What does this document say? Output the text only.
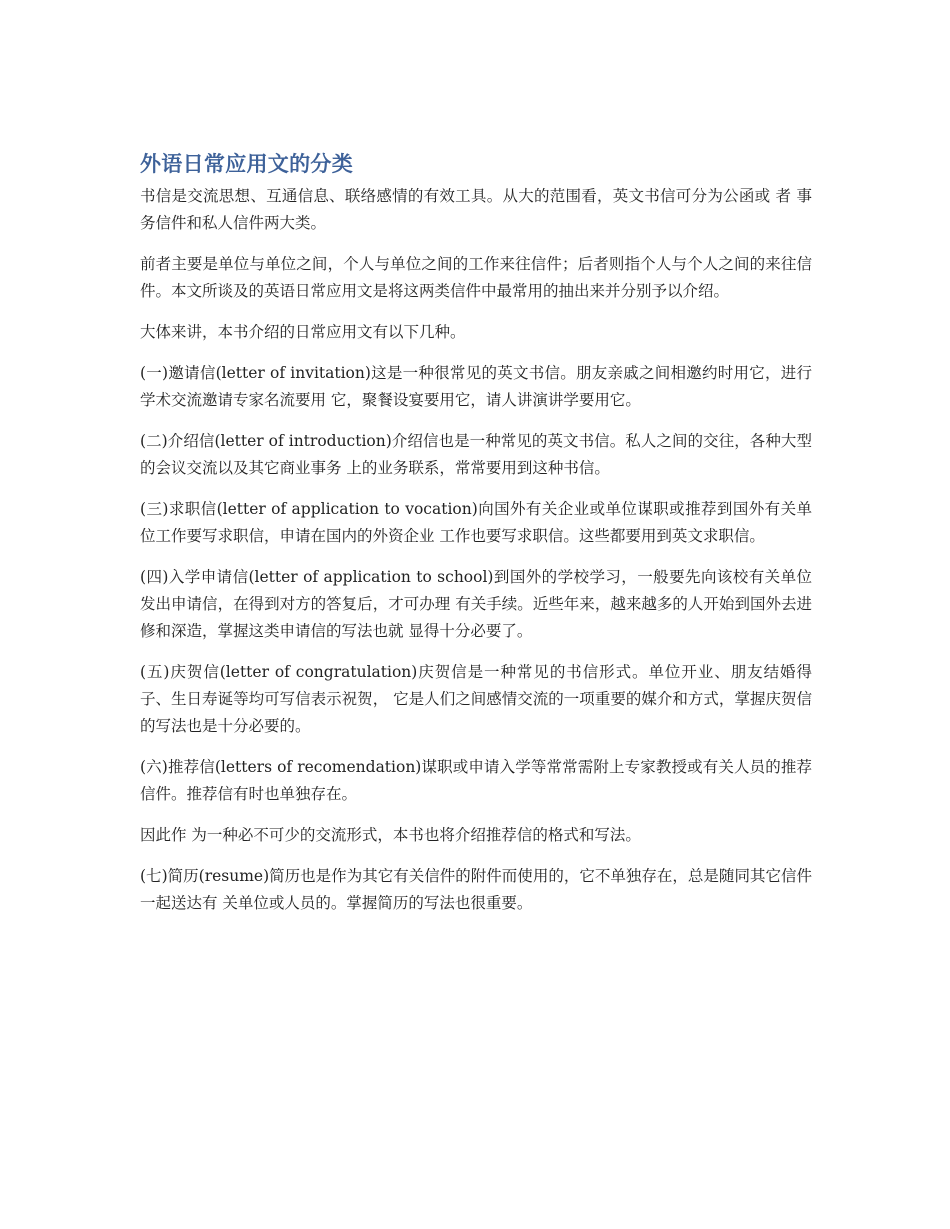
外语日常应用文的分类

书信是交流思想、互通信息、联络感情的有效工具。从大的范围看，英文书信可分为公函或 者 事务信件和私人信件两大类。

前者主要是单位与单位之间，个人与单位之间的工作来往信件；后者则指个人与个人之间的来往信件。本文所谈及的英语日常应用文是将这两类信件中最常用的抽出来并分别予以介绍。

大体来讲，本书介绍的日常应用文有以下几种。

(一)邀请信(letter of invitation)这是一种很常见的英文书信。朋友亲戚之间相邀约时用它，进行学术交流邀请专家名流要用 它，聚餐设宴要用它，请人讲演讲学要用它。

(二)介绍信(letter of introduction)介绍信也是一种常见的英文书信。私人之间的交往，各种大型的会议交流以及其它商业事务 上的业务联系，常常要用到这种书信。

(三)求职信(letter of application to vocation)向国外有关企业或单位谋职或推荐到国外有关单位工作要写求职信，申请在国内的外资企业 工作也要写求职信。这些都要用到英文求职信。

(四)入学申请信(letter of application to school)到国外的学校学习，一般要先向该校有关单位发出申请信，在得到对方的答复后，才可办理 有关手续。近些年来，越来越多的人开始到国外去进修和深造，掌握这类申请信的写法也就 显得十分必要了。

(五)庆贺信(letter of congratulation)庆贺信是一种常见的书信形式。单位开业、朋友结婚得子、生日寿诞等均可写信表示祝贺， 它是人们之间感情交流的一项重要的媒介和方式，掌握庆贺信的写法也是十分必要的。

(六)推荐信(letters of recomendation)谋职或申请入学等常常需附上专家教授或有关人员的推荐信件。推荐信有时也单独存在。

因此作 为一种必不可少的交流形式，本书也将介绍推荐信的格式和写法。

(七)简历(resume)简历也是作为其它有关信件的附件而使用的，它不单独存在，总是随同其它信件一起送达有 关单位或人员的。掌握简历的写法也很重要。
